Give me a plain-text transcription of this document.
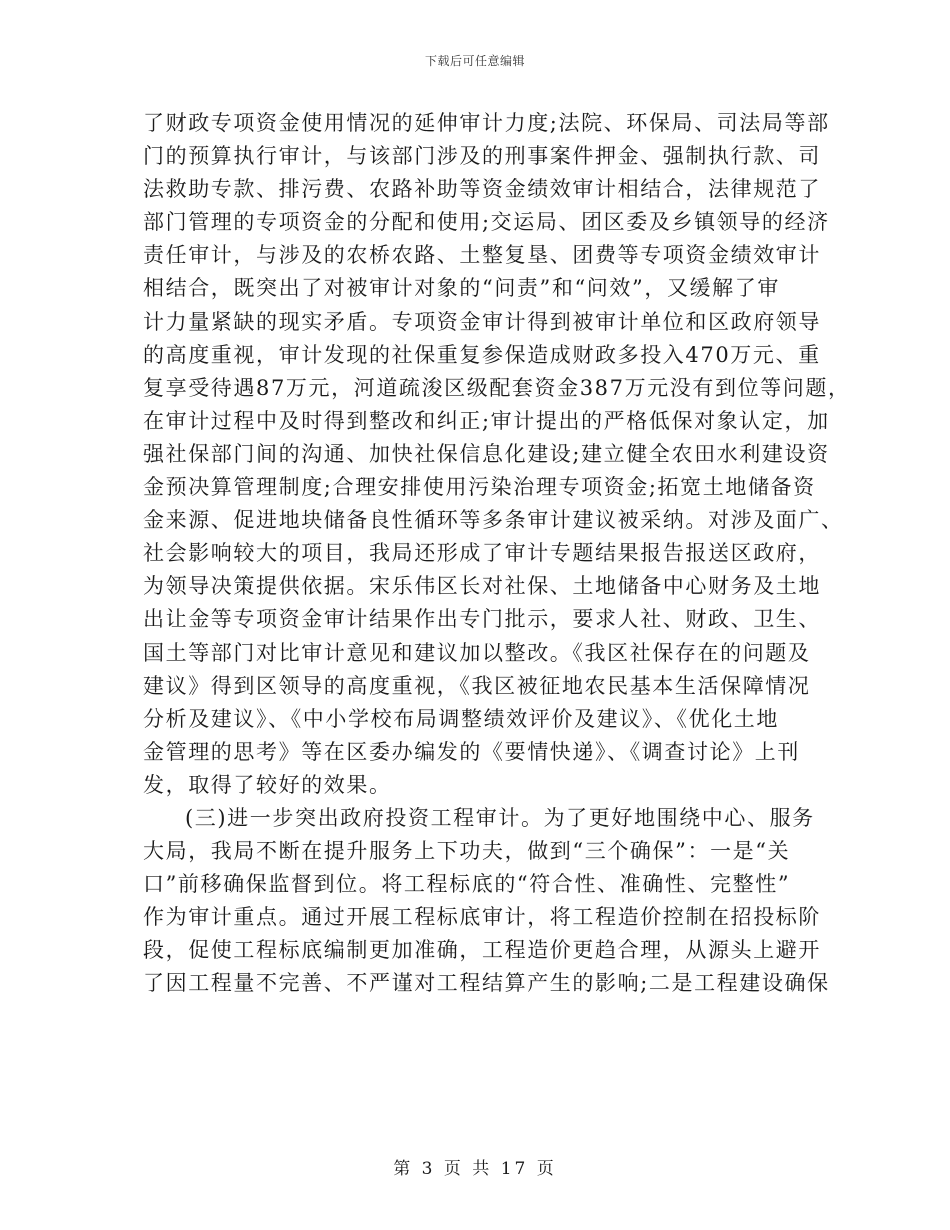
下载后可任意编辑
了财政专项资金使用情况的延伸审计力度;法院、环保局、司法局等部
门的预算执行审计，与该部门涉及的刑事案件押金、强制执行款、司
法救助专款、排污费、农路补助等资金绩效审计相结合，法律规范了
部门管理的专项资金的分配和使用;交运局、团区委及乡镇领导的经济
责任审计，与涉及的农桥农路、土整复垦、团费等专项资金绩效审计
相结合，既突出了对被审计对象的“问责”和“问效”，又缓解了审
计力量紧缺的现实矛盾。专项资金审计得到被审计单位和区政府领导
的高度重视，审计发现的社保重复参保造成财政多投入470万元、重
复享受待遇87万元，河道疏浚区级配套资金387万元没有到位等问题，
在审计过程中及时得到整改和纠正;审计提出的严格低保对象认定，加
强社保部门间的沟通、加快社保信息化建设;建立健全农田水利建设资
金预决算管理制度;合理安排使用污染治理专项资金;拓宽土地储备资
金来源、促进地块储备良性循环等多条审计建议被采纳。对涉及面广、
社会影响较大的项目，我局还形成了审计专题结果报告报送区政府，
为领导决策提供依据。宋乐伟区长对社保、土地储备中心财务及土地
出让金等专项资金审计结果作出专门批示，要求人社、财政、卫生、
国土等部门对比审计意见和建议加以整改。《我区社保存在的问题及
建议》得到区领导的高度重视，《我区被征地农民基本生活保障情况
分析及建议》、《中小学校布局调整绩效评价及建议》、《优化土地
金管理的思考》等在区委办编发的《要情快递》、《调查讨论》上刊
发，取得了较好的效果。
(三)进一步突出政府投资工程审计。为了更好地围绕中心、服务
大局，我局不断在提升服务上下功夫，做到“三个确保”：一是“关
口”前移确保监督到位。将工程标底的“符合性、准确性、完整性”
作为审计重点。通过开展工程标底审计，将工程造价控制在招投标阶
段，促使工程标底编制更加准确，工程造价更趋合理，从源头上避开
了因工程量不完善、不严谨对工程结算产生的影响;二是工程建设确保
第 3 页 共 17 页
